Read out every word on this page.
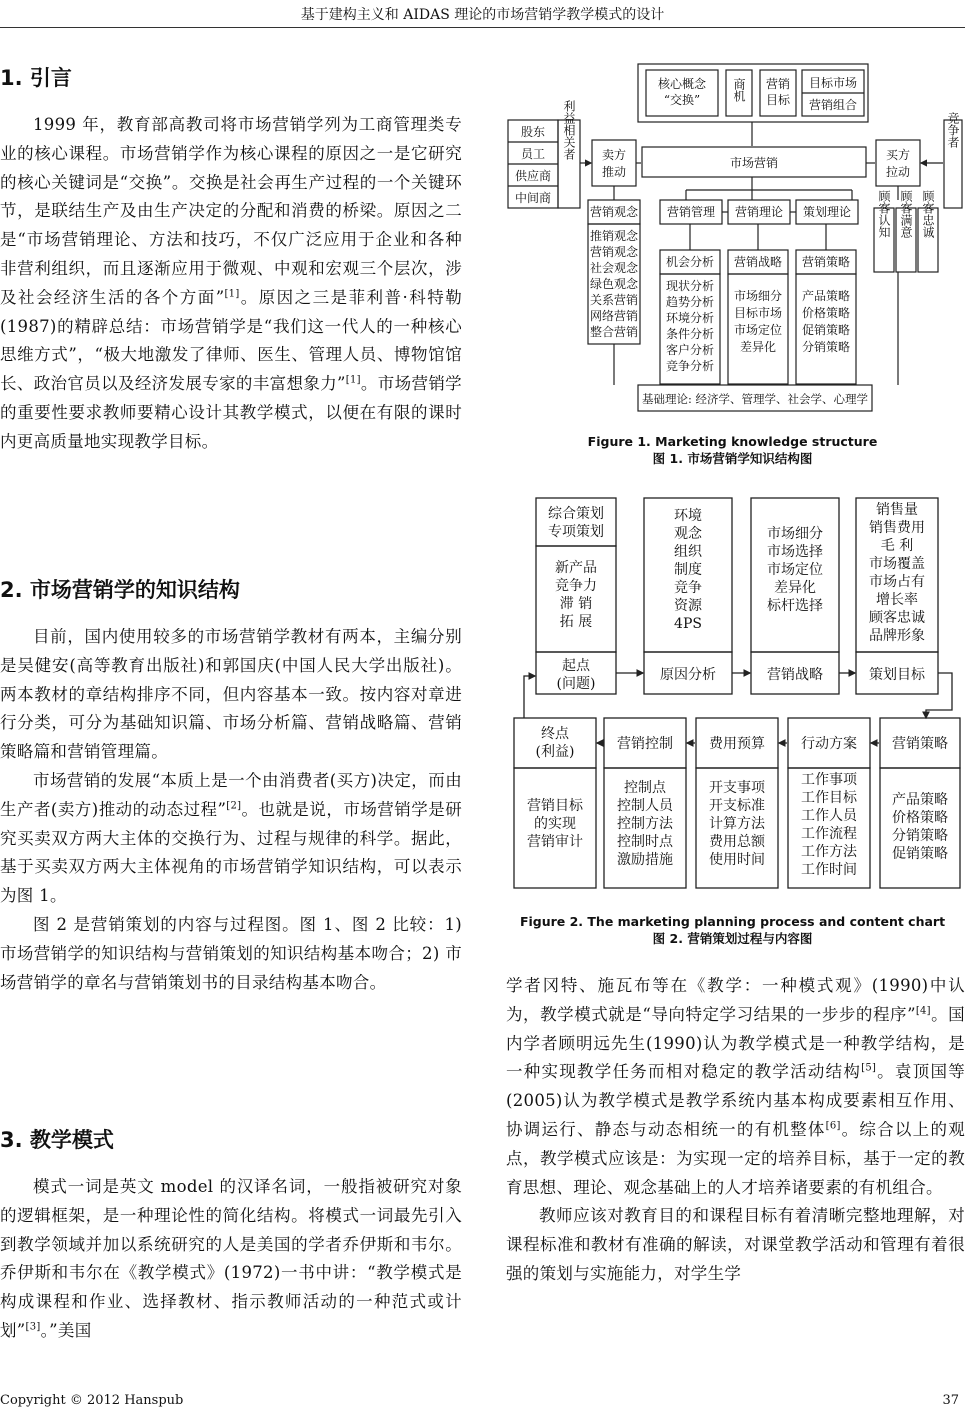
基于建构主义和 AIDAS 理论的市场营销学教学模式的设计
1. 引言

1999 年，教育部高教司将市场营销学列为工商管理类专业的核心课程。市场营销学作为核心课程的原因之一是它研究的核心关键词是“交换”。交换是社会再生产过程的一个关键环节，是联结生产及由生产决定的分配和消费的桥梁。原因之二是“市场营销理论、方法和技巧，不仅广泛应用于企业和各种非营利组织，而且逐渐应用于微观、中观和宏观三个层次，涉及社会经济生活的各个方面”[1]。原因之三是菲利普·科特勒(1987)的精辟总结：市场营销学是“我们这一代人的一种核心思维方式”，“极大地激发了律师、医生、管理人员、博物馆馆长、政治官员以及经济发展专家的丰富想象力”[1]。市场营销学的重要性要求教师要精心设计其教学模式，以便在有限的课时内更高质量地实现教学目标。

2. 市场营销学的知识结构

目前，国内使用较多的市场营销学教材有两本，主编分别是吴健安(高等教育出版社)和郭国庆(中国人民大学出版社)。两本教材的章结构排序不同，但内容基本一致。按内容对章进行分类，可分为基础知识篇、市场分析篇、营销战略篇、营销策略篇和营销管理篇。

市场营销的发展“本质上是一个由消费者(买方)决定，而由生产者(卖方)推动的动态过程”[2]。也就是说，市场营销学是研究买卖双方两大主体的交换行为、过程与规律的科学。据此，基于买卖双方两大主体视角的市场营销学知识结构，可以表示为图 1。

图 2 是营销策划的内容与过程图。图 1、图 2 比较：1) 市场营销学的知识结构与营销策划的知识结构基本吻合；2) 市场营销学的章名与营销策划书的目录结构基本吻合。

3. 教学模式

模式一词是英文 model 的汉译名词，一般指被研究对象的逻辑框架，是一种理论性的简化结构。将模式一词最先引入到教学领域并加以系统研究的人是美国的学者乔伊斯和韦尔。乔伊斯和韦尔在《教学模式》(1972)一书中讲：“教学模式是构成课程和作业、选择教材、指示教师活动的一种范式或计划”[3]。”美国

核心概念
“交换”	商机 营销
目标
目标市场
营销组合
股东
员工
供应商
中间商
利益相关者 卖方
推动
市场营销
买方
拉动
竞争者
营销观念 营销管理 营销理论 策划理论 顾客认知 顾客满意 顾客忠诚
推销观念
营销观念
社会观念
绿色观念
关系营销
网络营销
整合营销
机会分析 营销战略 营销策略
现状分析
趋势分析
环境分析
条件分析
客户分析
竞争分析
市场细分
目标市场
市场定位
差异化
产品策略
价格策略
促销策略
分销策略
基础理论: 经济学、管理学、社会学、心理学
Figure 1. Marketing knowledge structure
图 1. 市场营销学知识结构图
综合策划
专项策划
新产品
竞争力
滞 销
拓 展
起点
(问题)
环境
观念
组织
制度
竞争
资源
4PS
原因分析
市场细分
市场选择
市场定位
差异化
标杆选择
营销战略
销售量
销售费用
毛 利
市场覆盖
市场占有
增长率
顾客忠诚
品牌形象
策划目标
终点
(利益)	营销控制	费用预算	行动方案	营销策略
营销目标
的实现
营销审计
控制点
控制人员
控制方法
控制时点
激励措施
开支事项
开支标准
计算方法
费用总额
使用时间
工作事项
工作目标
工作人员
工作流程
工作方法
工作时间
产品策略
价格策略
分销策略
促销策略
Figure 2. The marketing planning process and content chart
图 2. 营销策划过程与内容图

学者冈特、施瓦布等在《教学：一种模式观》(1990)中认为，教学模式就是“导向特定学习结果的一步步的程序”[4]。国内学者顾明远先生(1990)认为教学模式是一种教学结构，是一种实现教学任务而相对稳定的教学活动结构[5]。袁顶国等(2005)认为教学模式是教学系统内基本构成要素相互作用、协调运行、静态与动态相统一的有机整体[6]。综合以上的观点，教学模式应该是：为实现一定的培养目标，基于一定的教育思想、理论、观念基础上的人才培养诸要素的有机组合。

教师应该对教育目的和课程目标有着清晰完整地理解，对课程标准和教材有准确的解读，对课堂教学活动和管理有着很强的策划与实施能力，对学生学

Copyright © 2012 Hanspub	37
